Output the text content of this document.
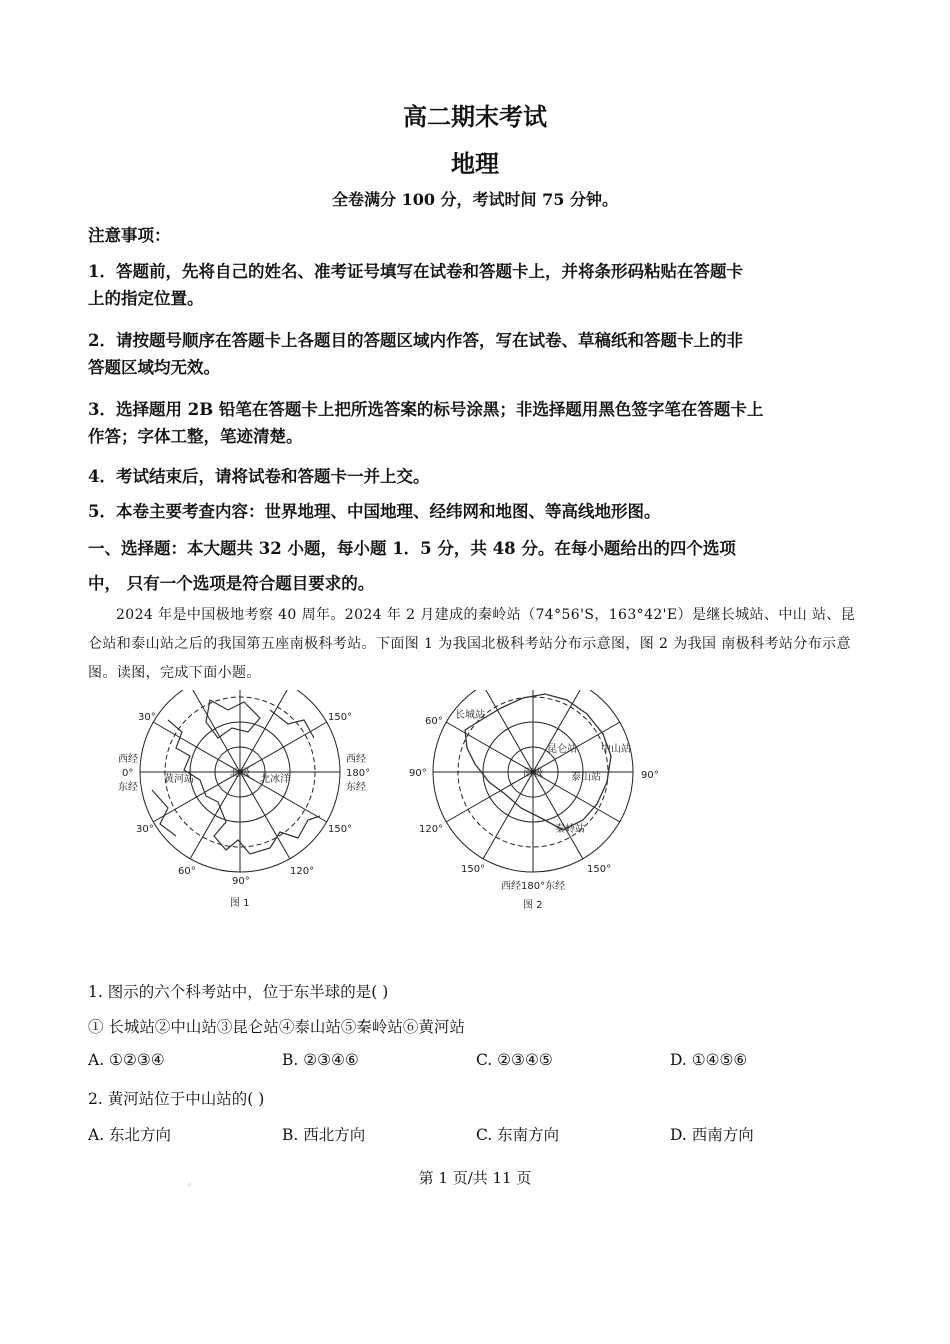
高二期末考试
地理
全卷满分 100 分，考试时间 75 分钟。
注意事项：
1．答题前，先将自己的姓名、准考证号填写在试卷和答题卡上，并将条形码粘贴在答题卡
上的指定位置。
2．请按题号顺序在答题卡上各题目的答题区域内作答，写在试卷、草稿纸和答题卡上的非
答题区域均无效。
3．选择题用 2B 铅笔在答题卡上把所选答案的标号涂黑；非选择题用黑色签字笔在答题卡上
作答；字体工整，笔迹清楚。
4．考试结束后，请将试卷和答题卡一并上交。
5．本卷主要考查内容：世界地理、中国地理、经纬网和地图、等高线地形图。
一、选择题：本大题共 32 小题，每小题 1．5 分，共 48 分。在每小题给出的四个选项
中， 只有一个选项是符合题目要求的。
2024 年是中国极地考察 40 周年。2024 年 2 月建成的秦岭站（74°56'S，163°42'E）是继长城站、中山 站、昆仑站和泰山站之后的我国第五座南极科考站。下面图 1 为我国北极科考站分布示意图，图 2 为我国 南极科考站分布示意图。读图，完成下面小题。
30°	150°
西经
0°
东经
西经
180°
东经
30°	150°
60°
90°
120°
黄河站
北极
北冰洋
图 1
60°
长城站
90°
120°
150°
昆仑站 中山站
南极	泰山站	90°
秦岭站
150°
西经180°东经
图 2
1. 图示的六个科考站中，位于东半球的是( )
① 长城站②中山站③昆仑站④泰山站⑤秦岭站⑥黄河站
A. ①②③④	B. ②③④⑥	C. ②③④⑤	D. ①④⑤⑥
2. 黄河站位于中山站的( )
A. 东北方向	B. 西北方向	C. 东南方向	D. 西南方向
。	第 1 页/共 11 页
